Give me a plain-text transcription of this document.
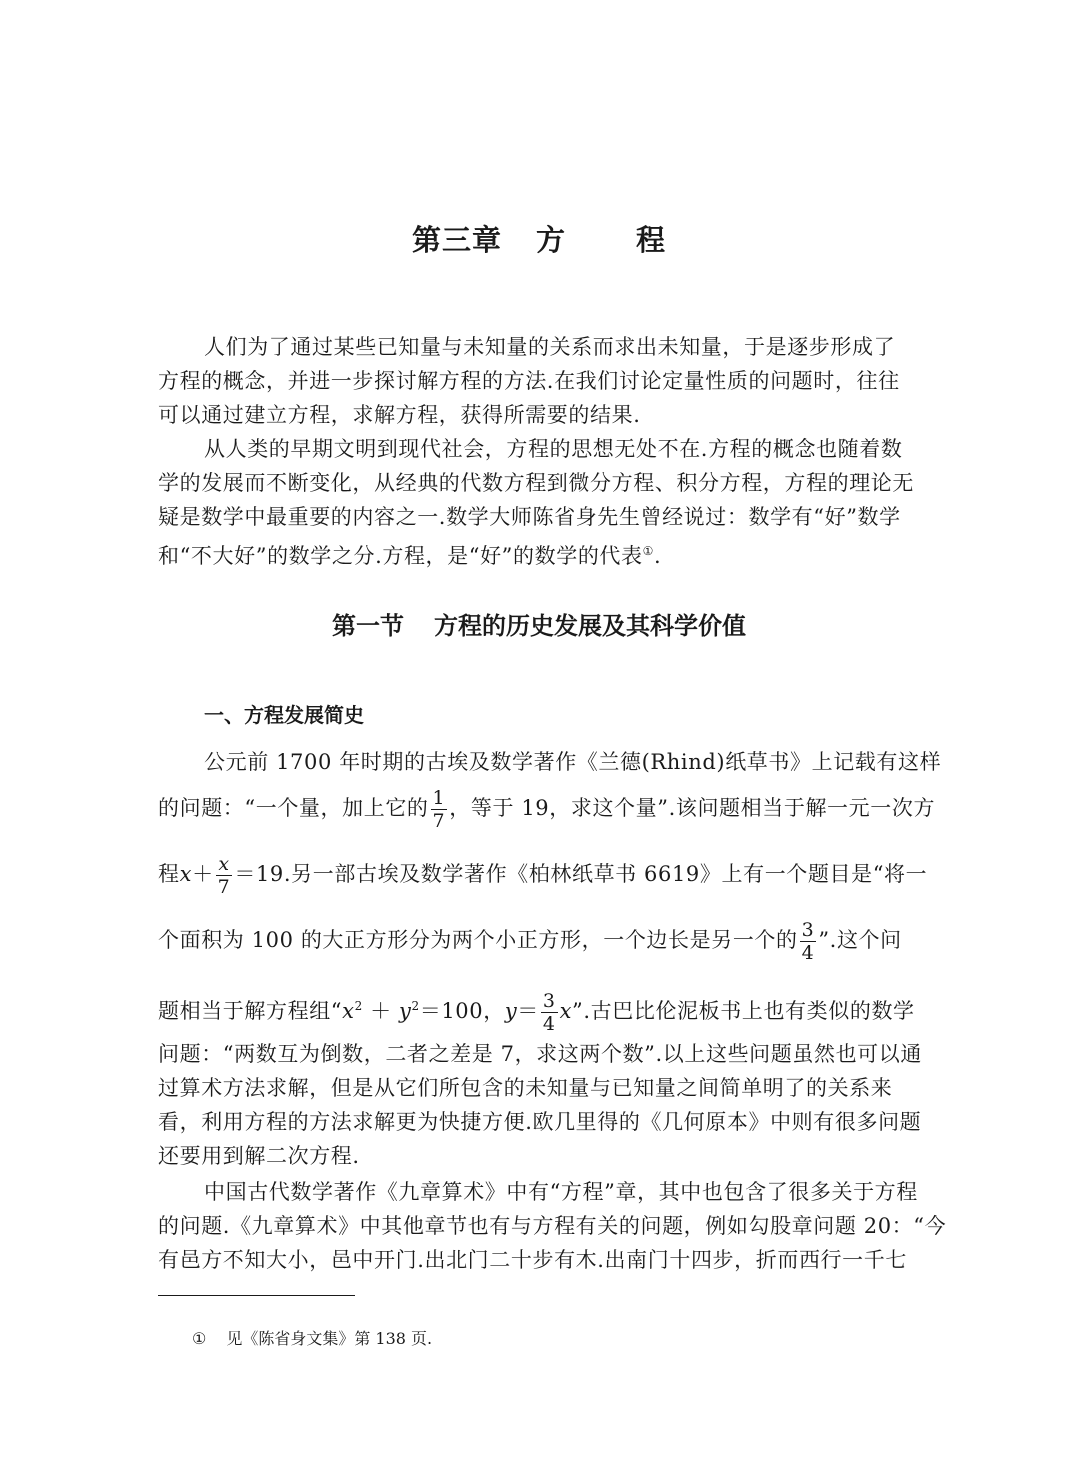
第三章 方 程
人们为了通过某些已知量与未知量的关系而求出未知量，于是逐步形成了
方程的概念，并进一步探讨解方程的方法.在我们讨论定量性质的问题时，往往
可以通过建立方程，求解方程，获得所需要的结果.
从人类的早期文明到现代社会，方程的思想无处不在.方程的概念也随着数
学的发展而不断变化，从经典的代数方程到微分方程、积分方程，方程的理论无
疑是数学中最重要的内容之一.数学大师陈省身先生曾经说过：数学有“好”数学
和“不大好”的数学之分.方程，是“好”的数学的代表①.
第一节 方程的历史发展及其科学价值
一、方程发展简史
公元前 1700 年时期的古埃及数学著作《兰德(Rhind)纸草书》上记载有这样
的问题：“一个量，加上它的 $\frac{1}{7}$ ，等于 19，求这个量”.该问题相当于解一元一次方
程$x+ \frac{x}{7} =19$.另一部古埃及数学著作《柏林纸草书 6619》上有一个题目是“将一
个面积为 100 的大正方形分为两个小正方形，一个边长是另一个的 $\frac{3}{4}$ ”.这个问
题相当于解方程组“$x^2 + y^2=100$，$y= \frac{3}{4} x$”.古巴比伦泥板书上也有类似的数学
问题：“两数互为倒数，二者之差是 7，求这两个数”.以上这些问题虽然也可以通
过算术方法求解，但是从它们所包含的未知量与已知量之间简单明了的关系来
看，利用方程的方法求解更为快捷方便.欧几里得的《几何原本》中则有很多问题
还要用到解二次方程.
中国古代数学著作《九章算术》中有“方程”章，其中也包含了很多关于方程
的问题.《九章算术》中其他章节也有与方程有关的问题，例如勾股章问题 20：“今
有邑方不知大小，邑中开门.出北门二十步有木.出南门十四步，折而西行一千七
① 见《陈省身文集》第 138 页.
